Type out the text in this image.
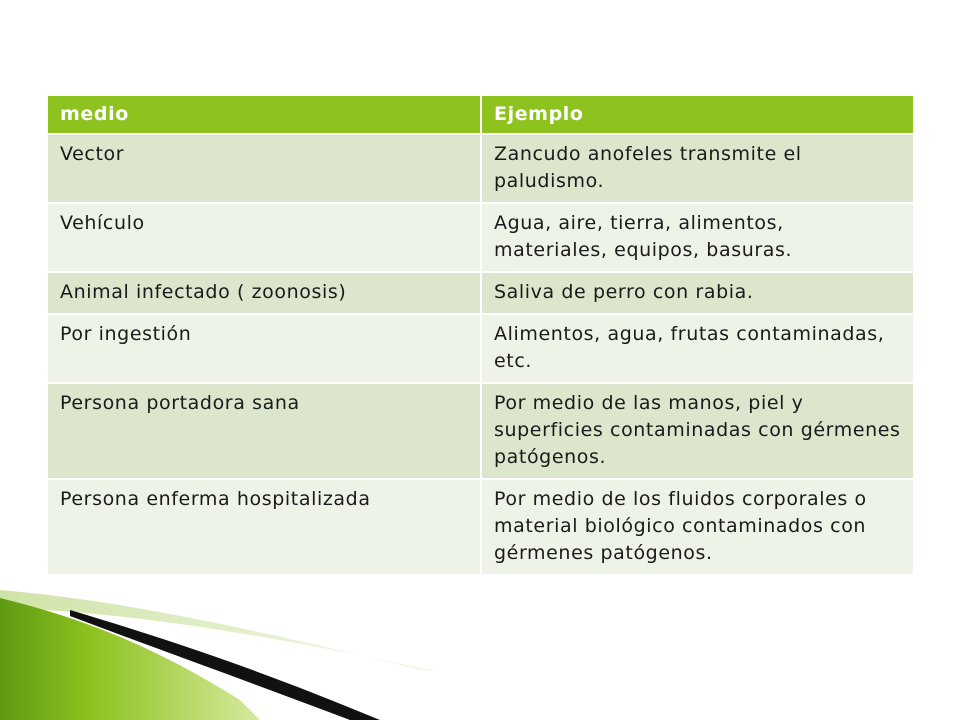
medio	Ejemplo
Vector	Zancudo anofeles transmite el paludismo.
Vehículo	Agua, aire, tierra, alimentos, materiales, equipos, basuras.
Animal infectado ( zoonosis)	Saliva de perro con rabia.
Por ingestión	Alimentos, agua, frutas contaminadas, etc.
Persona portadora sana	Por medio de las manos, piel y superficies contaminadas con gérmenes patógenos.
Persona enferma hospitalizada	Por medio de los fluidos corporales o material biológico contaminados con gérmenes patógenos.
